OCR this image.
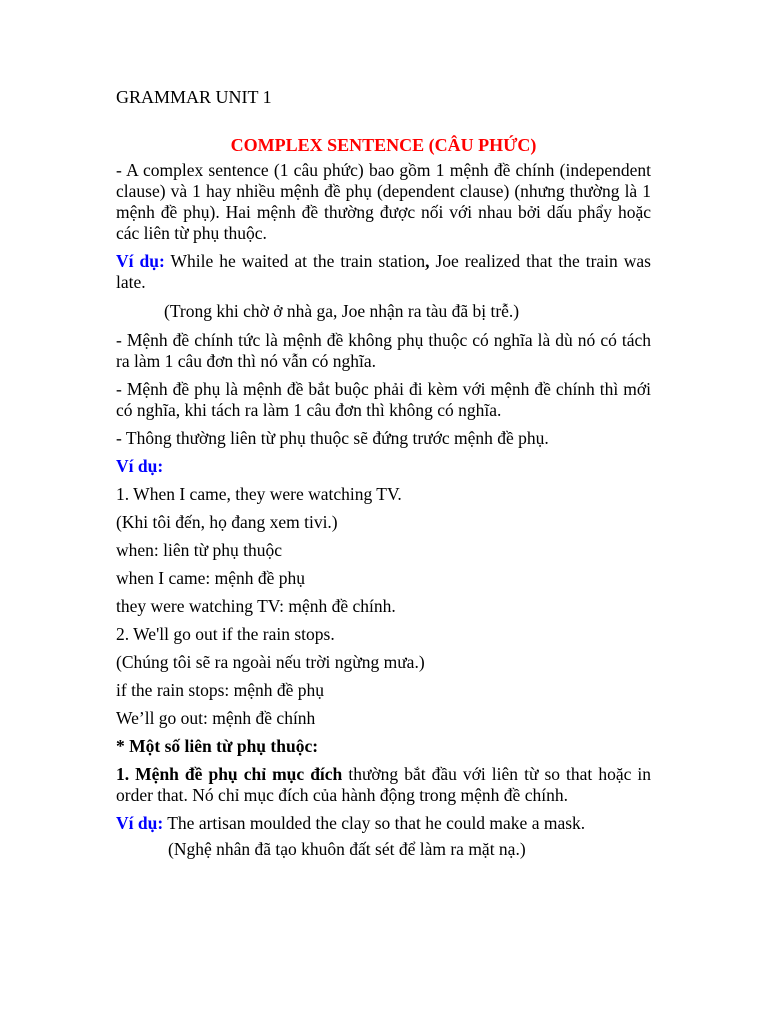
GRAMMAR UNIT 1
COMPLEX SENTENCE (CÂU PHỨC)

- A complex sentence (1 câu phức) bao gồm 1 mệnh đề chính (independent clause) và 1 hay nhiều mệnh đề phụ (dependent clause) (nhưng thường là 1 mệnh đề phụ). Hai mệnh đề thường được nối với nhau bởi dấu phẩy hoặc các liên từ phụ thuộc.

Ví dụ: While he waited at the train station, Joe realized that the train was late.

(Trong khi chờ ở nhà ga, Joe nhận ra tàu đã bị trễ.)

- Mệnh đề chính tức là mệnh đề không phụ thuộc có nghĩa là dù nó có tách ra làm 1 câu đơn thì nó vẫn có nghĩa.

- Mệnh đề phụ là mệnh đề bắt buộc phải đi kèm với mệnh đề chính thì mới có nghĩa, khi tách ra làm 1 câu đơn thì không có nghĩa.

- Thông thường liên từ phụ thuộc sẽ đứng trước mệnh đề phụ.

Ví dụ:

1. When I came, they were watching TV.

(Khi tôi đến, họ đang xem tivi.)

when: liên từ phụ thuộc

when I came: mệnh đề phụ

they were watching TV: mệnh đề chính.

2. We'll go out if the rain stops.

(Chúng tôi sẽ ra ngoài nếu trời ngừng mưa.)

if the rain stops: mệnh đề phụ

We’ll go out: mệnh đề chính

* Một số liên từ phụ thuộc:

1. Mệnh đề phụ chỉ mục đích thường bắt đầu với liên từ so that hoặc in order that. Nó chỉ mục đích của hành động trong mệnh đề chính.

Ví dụ: The artisan moulded the clay so that he could make a mask.

(Nghệ nhân đã tạo khuôn đất sét để làm ra mặt nạ.)
